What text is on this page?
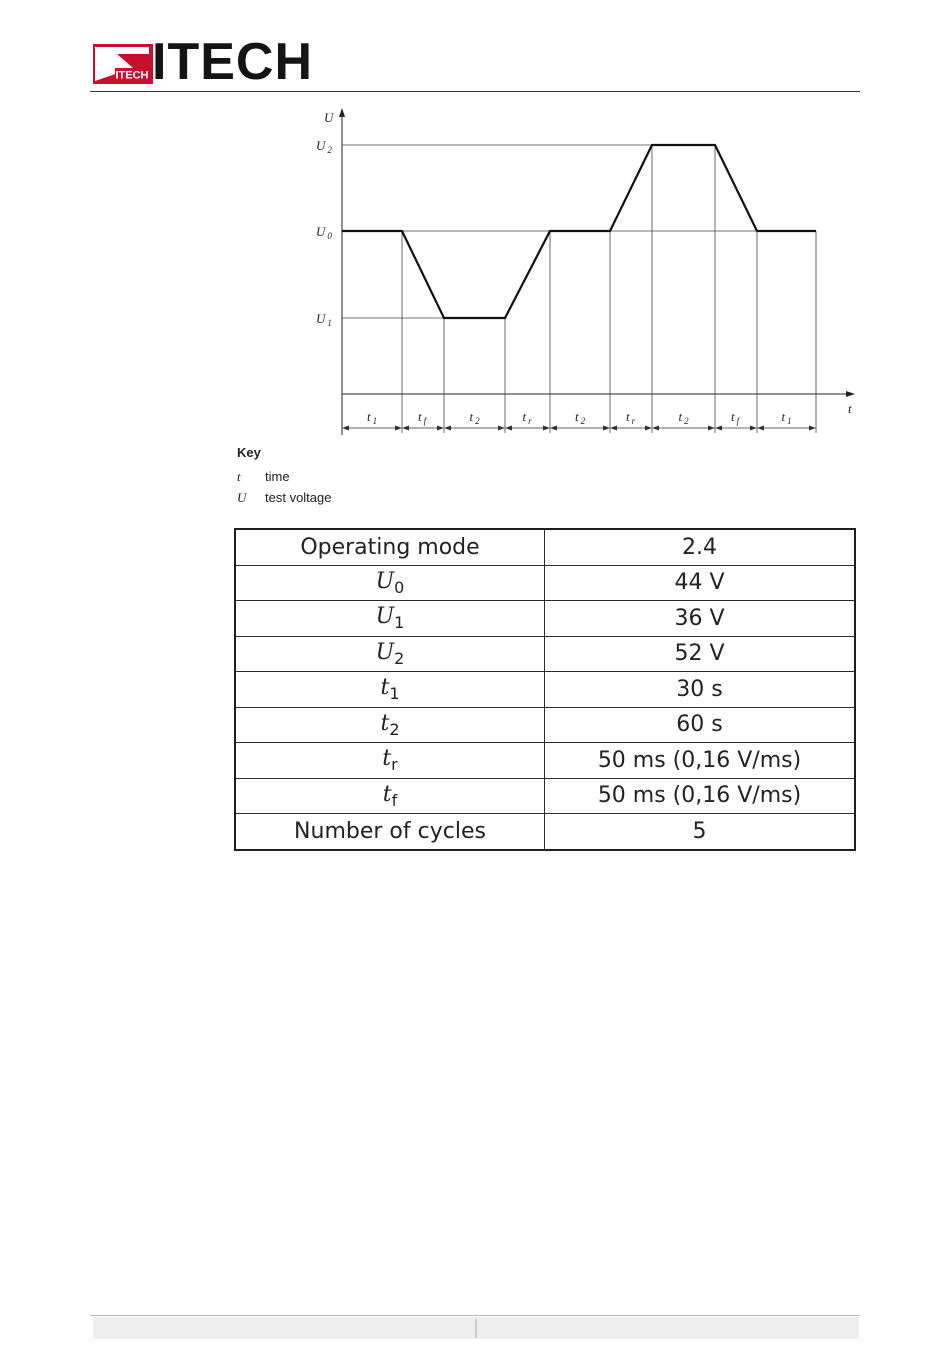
ITECH ITECH
U
t
U $_2$
U $_0$
U $_1$
t $_1$	t $_f$	t $_2$	t $_r$	t $_2$	t $_r$	t $_2$	t $_f$	t $_1$
Key
t	time
U	test voltage
Operating mode	2.4
$U_0$	44 V
$U_1$	36 V
$U_2$	52 V
$t_1$	30 s
$t_2$	60 s
$t_r$	50 ms (0,16 V/ms)
$t_f$	50 ms (0,16 V/ms)
Number of cycles	5
